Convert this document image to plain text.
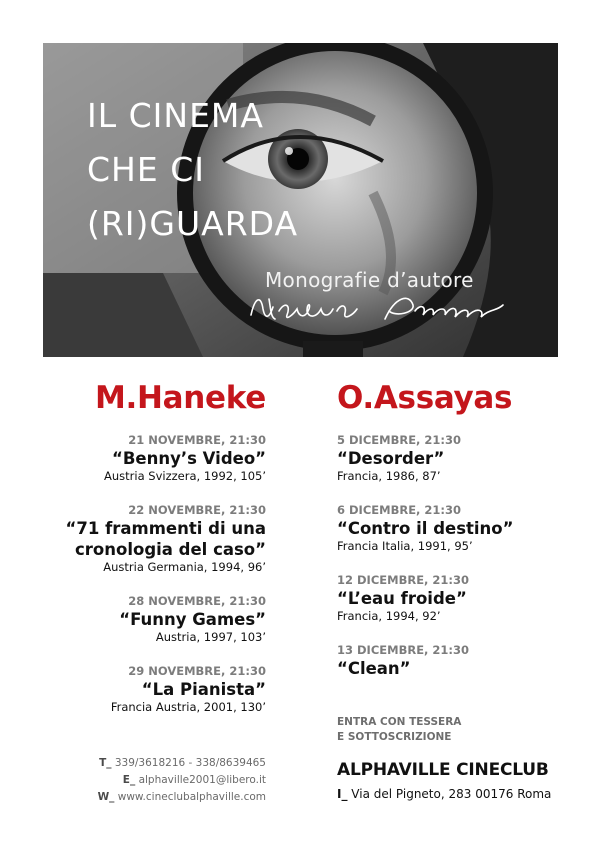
IL CINEMA
CHE CI
(RI)GUARDA
Monografie d’autore
M.Haneke
21 NOVEMBRE, 21:30
“Benny’s Video”
Austria Svizzera, 1992, 105’
22 NOVEMBRE, 21:30
“71 frammenti di una
cronologia del caso”
Austria Germania, 1994, 96’
28 NOVEMBRE, 21:30
“Funny Games”
Austria, 1997, 103’
29 NOVEMBRE, 21:30
“La Pianista”
Francia Austria, 2001, 130’
O.Assayas
5 DICEMBRE, 21:30
“Desorder”
Francia, 1986, 87’
6 DICEMBRE, 21:30
“Contro il destino”
Francia Italia, 1991, 95’
12 DICEMBRE, 21:30
“L’eau froide”
Francia, 1994, 92’
13 DICEMBRE, 21:30
“Clean”
ENTRA CON TESSERA
E SOTTOSCRIZIONE
T_ 339/3618216 - 338/8639465
E_ alphaville2001@libero.it
W_ www.cineclubalphaville.com
ALPHAVILLE CINECLUB
I_ Via del Pigneto, 283 00176 Roma
